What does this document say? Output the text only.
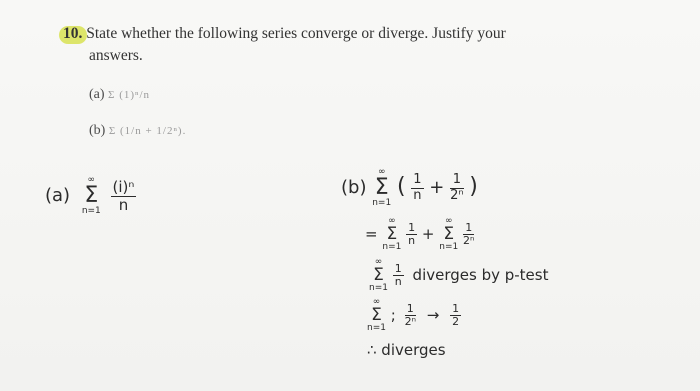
10. State whether the following series converge or diverge. Justify your
answers.
(a) Σ (1)ⁿ/n
(b) Σ (1/n + 1/2ⁿ).
(a)
∞
Σ
n=1
$\frac{\text{(i)ⁿ}}{n}$	(b)
∞
Σ
n=1
( $\frac{1}{n} + \frac{1}{\text{2ⁿ}}$ )
=
∞
Σ
n=1
$\frac{1}{n}$ +
∞
Σ
n=1
$\frac{1}{\text{2ⁿ}}$
∞
Σ
n=1
$\frac{1}{n}$ diverges by p-test
∞
Σ
n=1
; $\frac{1}{\text{2ⁿ}} \to \frac{1}{2}$
∴ diverges
